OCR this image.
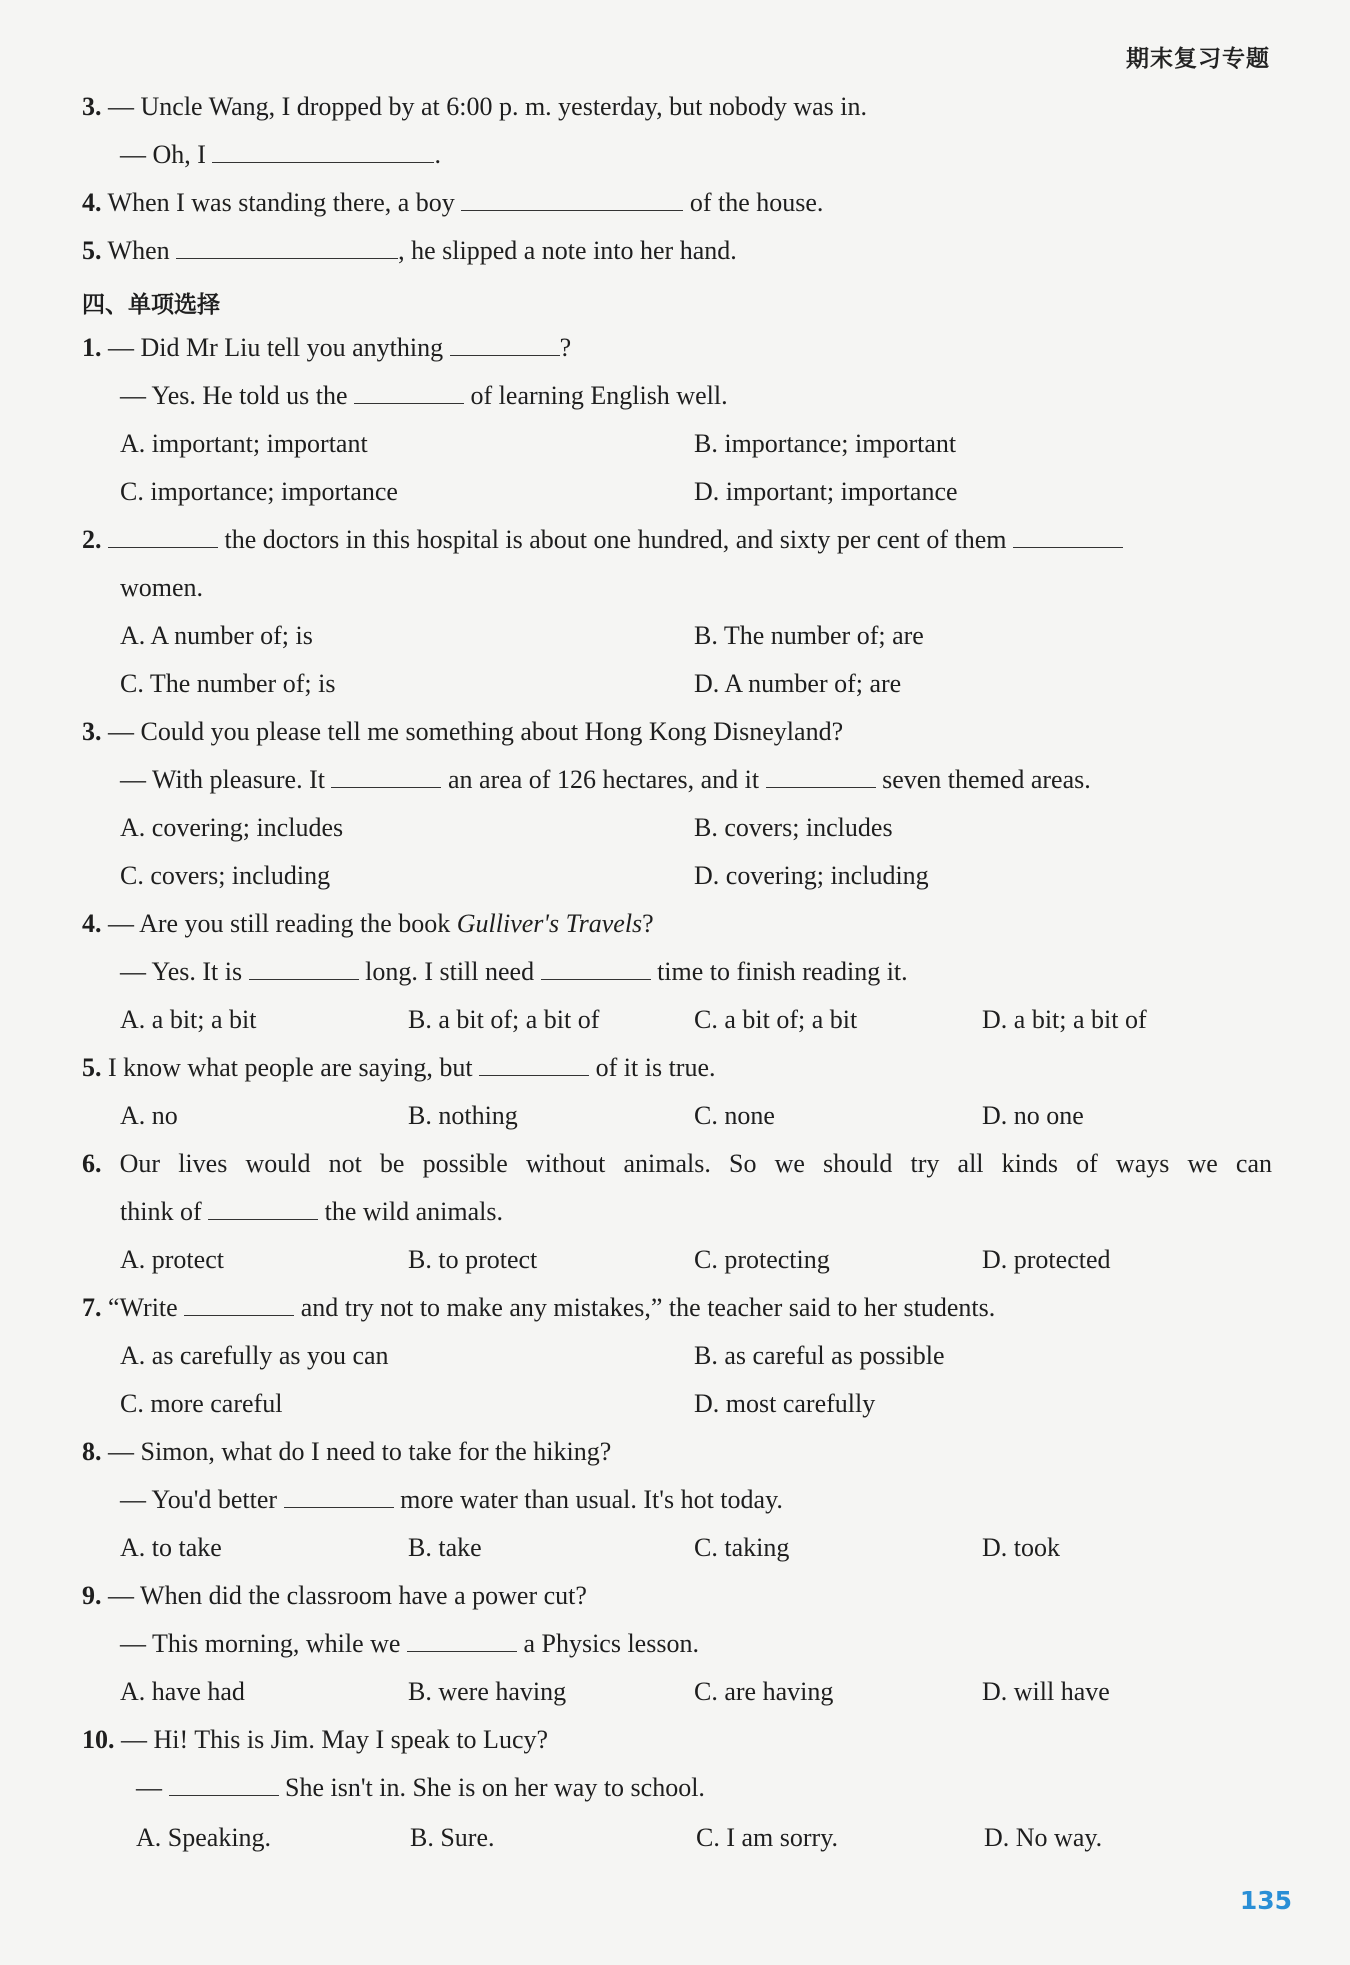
期末复习专题
3. — Uncle Wang, I dropped by at 6:00 p. m. yesterday, but nobody was in.
— Oh, I	.
4. When I was standing there, a boy	of the house.
5. When	, he slipped a note into her hand.
四、单项选择
1. — Did Mr Liu tell you anything	?
— Yes. He told us the	of learning English well.
A. important; important	B. importance; important
C. importance; importance	D. important; importance
2.	the doctors in this hospital is about one hundred, and sixty per cent of them
women.
A. A number of; is	B. The number of; are
C. The number of; is	D. A number of; are
3. — Could you please tell me something about Hong Kong Disneyland?
— With pleasure. It	an area of 126 hectares, and it	seven themed areas.
A. covering; includes	B. covers; includes
C. covers; including	D. covering; including
4. — Are you still reading the book Gulliver's Travels?
— Yes. It is	long. I still need	time to finish reading it.
A. a bit; a bit	B. a bit of; a bit of	C. a bit of; a bit	D. a bit; a bit of
5. I know what people are saying, but	of it is true.
A. no	B. nothing	C. none	D. no one
6. Our lives would not be possible without animals. So we should try all kinds of ways we can
think of	the wild animals.
A. protect	B. to protect	C. protecting	D. protected
7. “Write	and try not to make any mistakes,” the teacher said to her students.
A. as carefully as you can	B. as careful as possible
C. more careful	D. most carefully
8. — Simon, what do I need to take for the hiking?
— You'd better	more water than usual. It's hot today.
A. to take	B. take	C. taking	D. took
9. — When did the classroom have a power cut?
— This morning, while we	a Physics lesson.
A. have had	B. were having	C. are having	D. will have
10. — Hi! This is Jim. May I speak to Lucy?
—	She isn't in. She is on her way to school.
A. Speaking.	B. Sure.	C. I am sorry.	D. No way.
135
